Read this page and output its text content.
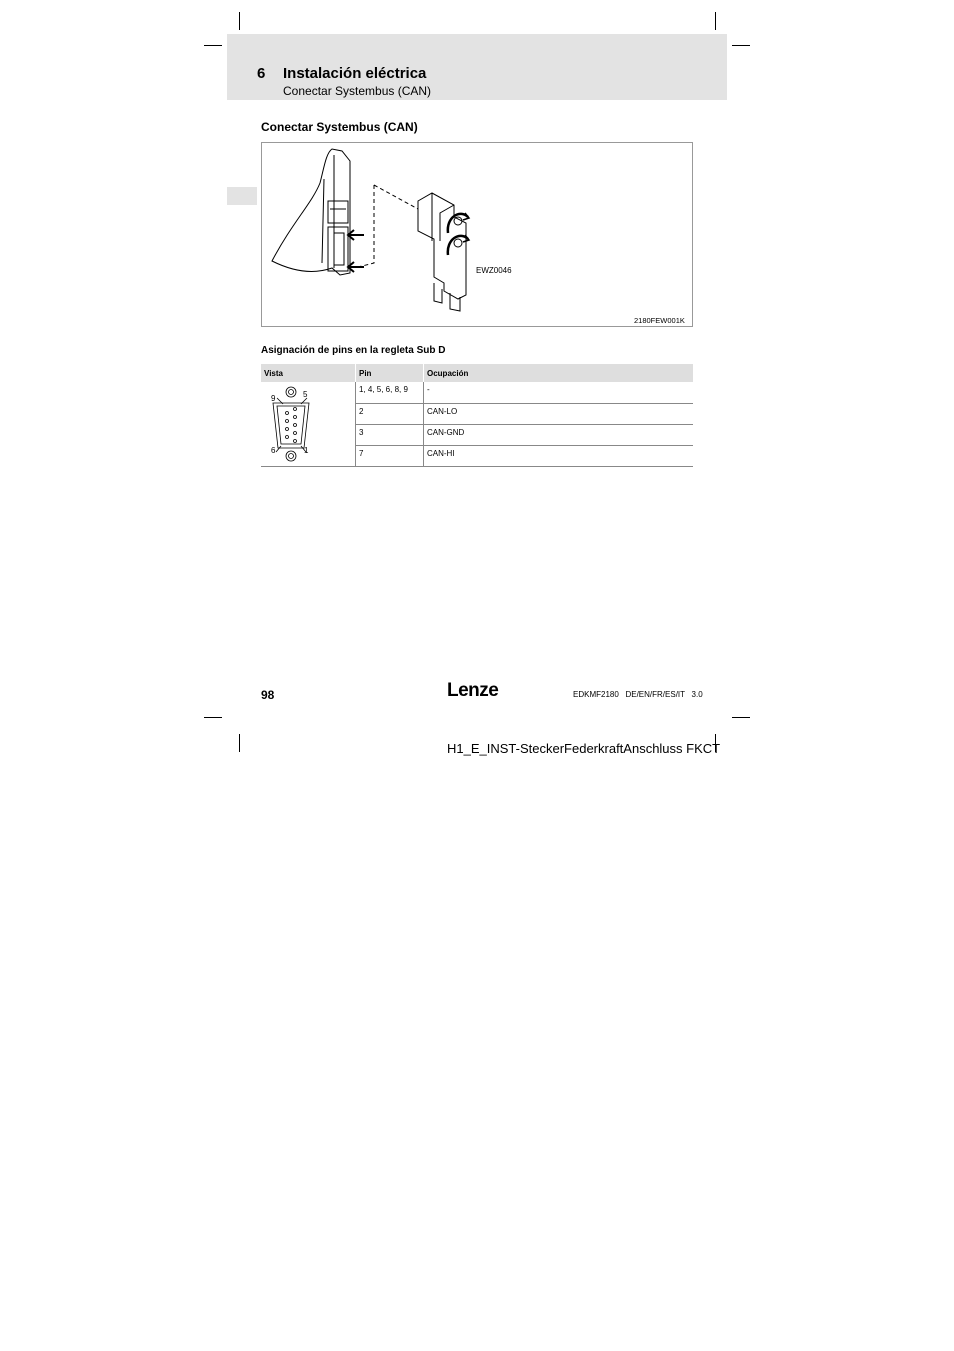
6 Instalación eléctrica
Conectar Systembus (CAN)
Conectar Systembus (CAN)
EWZ0046
2180FEW001K
Asignación de pins en la regleta Sub D
Vista	Pin	Ocupación

9 5
6 1	1, 4, 5, 6, 8, 9	-
	2	CAN-LO
	3	CAN-GND
	7	CAN-HI
98	Lenze	EDKMF2180   DE/EN/FR/ES/IT   3.0
H1_E_INST-SteckerFederkraftAnschluss FKCT
